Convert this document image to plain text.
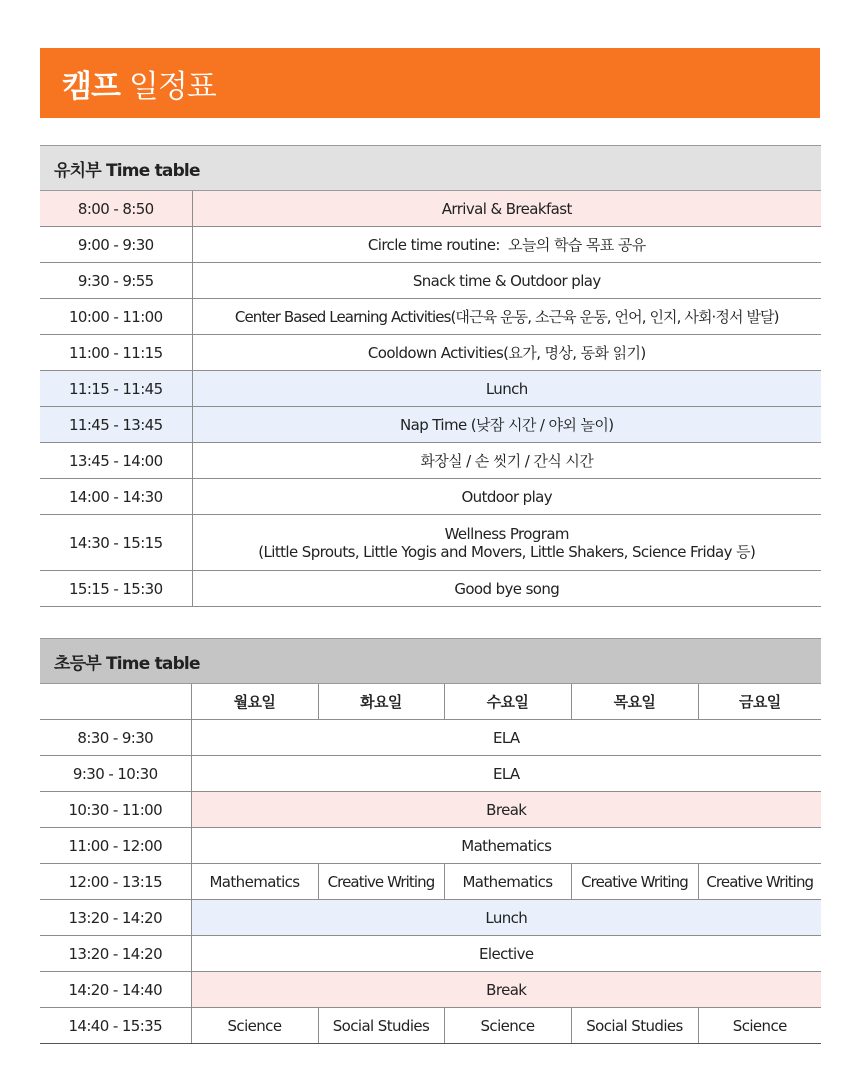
캠프 일정표
유치부 Time table	
8:00 - 8:50	Arrival & Breakfast
9:00 - 9:30	Circle time routine:  오늘의 학습 목표 공유
9:30 - 9:55	Snack time & Outdoor play
10:00 - 11:00	Center Based Learning Activities(대근육 운동, 소근육 운동, 언어, 인지, 사회·정서 발달)
11:00 - 11:15	Cooldown Activities(요가, 명상, 동화 읽기)
11:15 - 11:45	Lunch
11:45 - 13:45	Nap Time (낮잠 시간 / 야외 놀이)
13:45 - 14:00	화장실 / 손 씻기 / 간식 시간
14:00 - 14:30	Outdoor play
14:30 - 15:15	Wellness Program
(Little Sprouts, Little Yogis and Movers, Little Shakers, Science Friday 등)

15:15 - 15:30	Good bye song
초등부 Time table					
	월요일	화요일	수요일	목요일	금요일
8:30 - 9:30	ELA				
9:30 - 10:30	ELA				
10:30 - 11:00	Break				
11:00 - 12:00	Mathematics				
12:00 - 13:15	Mathematics	Creative Writing	Mathematics	Creative Writing	Creative Writing
13:20 - 14:20	Lunch				
13:20 - 14:20	Elective				
14:20 - 14:40	Break				
14:40 - 15:35	Science	Social Studies	Science	Social Studies	Science
